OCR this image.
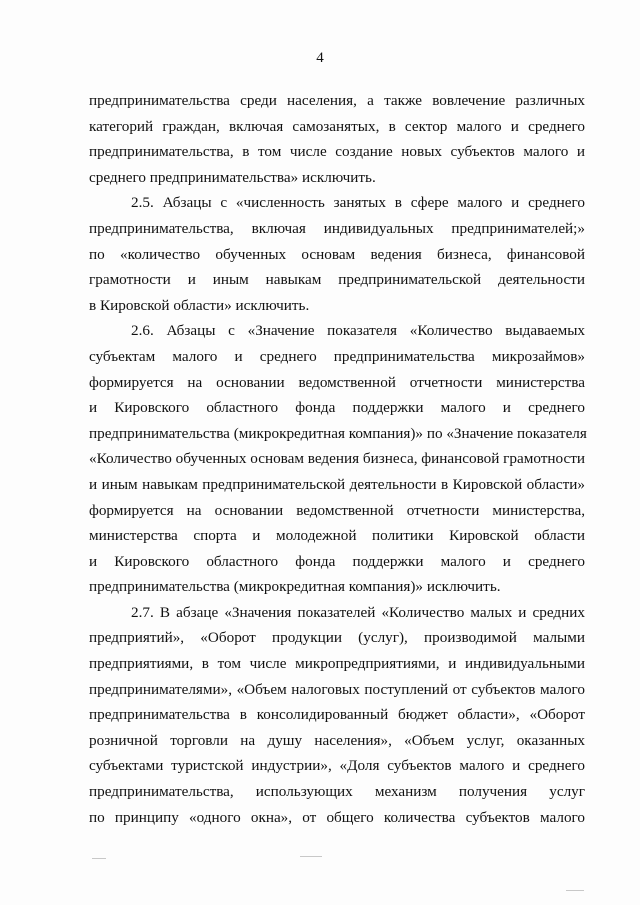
4
предпринимательства среди населения, а также вовлечение различных
категорий граждан, включая самозанятых, в сектор малого и среднего
предпринимательства, в том числе создание новых субъектов малого и
среднего предпринимательства» исключить.
2.5. Абзацы с «численность занятых в сфере малого и среднего
предпринимательства, включая индивидуальных предпринимателей;»
по «количество обученных основам ведения бизнеса, финансовой
грамотности и иным навыкам предпринимательской деятельности
в Кировской области» исключить.
2.6. Абзацы с «Значение показателя «Количество выдаваемых
субъектам малого и среднего предпринимательства микрозаймов»
формируется на основании ведомственной отчетности министерства
и Кировского областного фонда поддержки малого и среднего
предпринимательства (микрокредитная компания)» по «Значение показателя
«Количество обученных основам ведения бизнеса, финансовой грамотности
и иным навыкам предпринимательской деятельности в Кировской области»
формируется на основании ведомственной отчетности министерства,
министерства спорта и молодежной политики Кировской области
и Кировского областного фонда поддержки малого и среднего
предпринимательства (микрокредитная компания)» исключить.
2.7. В абзаце «Значения показателей «Количество малых и средних
предприятий», «Оборот продукции (услуг), производимой малыми
предприятиями, в том числе микропредприятиями, и индивидуальными
предпринимателями», «Объем налоговых поступлений от субъектов малого
предпринимательства в консолидированный бюджет области», «Оборот
розничной торговли на душу населения», «Объем услуг, оказанных
субъектами туристской индустрии», «Доля субъектов малого и среднего
предпринимательства, использующих механизм получения услуг
по принципу «одного окна», от общего количества субъектов малого
